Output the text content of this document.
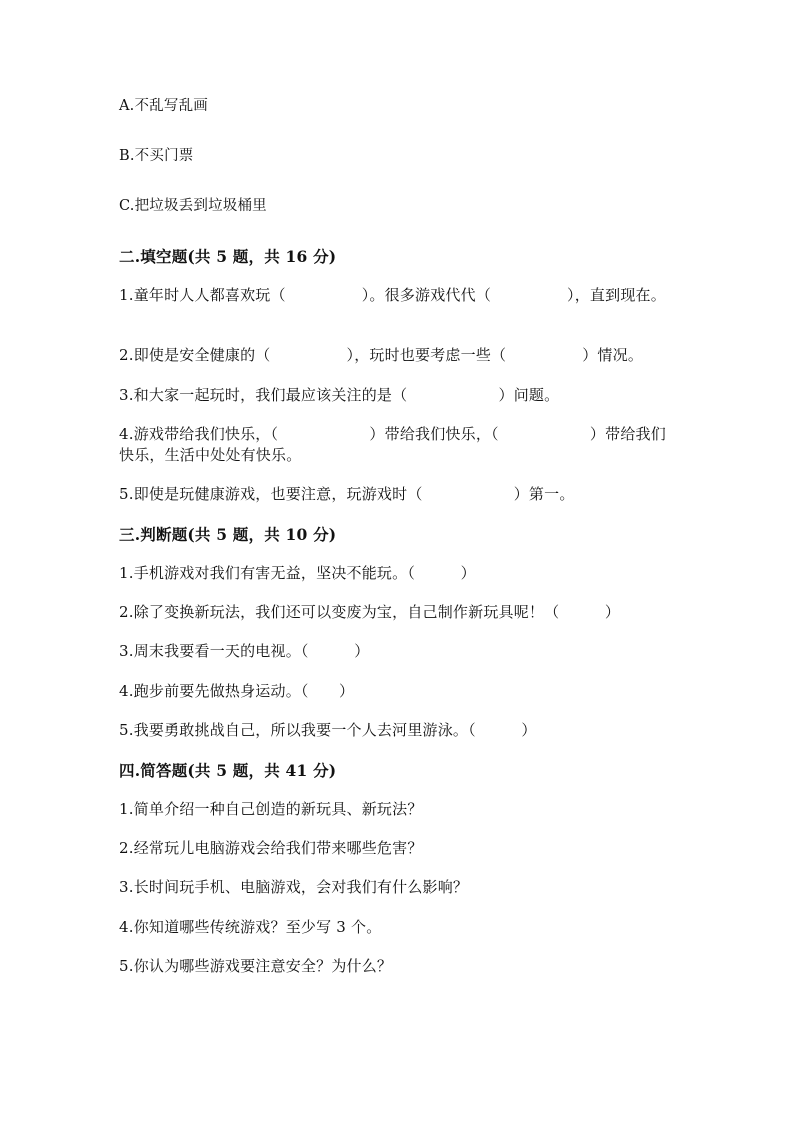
A.不乱写乱画
B.不买门票
C.把垃圾丢到垃圾桶里
二.填空题(共 5 题，共 16 分)
1.童年时人人都喜欢玩（　　　　　）。很多游戏代代（　　　　　），直到现在。
2.即使是安全健康的（　　　　　），玩时也要考虑一些（　　　　　）情况。
3.和大家一起玩时，我们最应该关注的是（　　　　　　）问题。
4.游戏带给我们快乐，（　　　　　　）带给我们快乐，（　　　　　　）带给我们快乐，生活中处处有快乐。
5.即使是玩健康游戏，也要注意，玩游戏时（　　　　　　）第一。
三.判断题(共 5 题，共 10 分)
1.手机游戏对我们有害无益，坚决不能玩。（　　　）
2.除了变换新玩法，我们还可以变废为宝，自己制作新玩具呢！（　　　）
3.周末我要看一天的电视。（　　　）
4.跑步前要先做热身运动。（　　）
5.我要勇敢挑战自己，所以我要一个人去河里游泳。（　　　）
四.简答题(共 5 题，共 41 分)
1.简单介绍一种自己创造的新玩具、新玩法？
2.经常玩儿电脑游戏会给我们带来哪些危害？
3.长时间玩手机、电脑游戏，会对我们有什么影响？
4.你知道哪些传统游戏？至少写 3 个。
5.你认为哪些游戏要注意安全？为什么？
